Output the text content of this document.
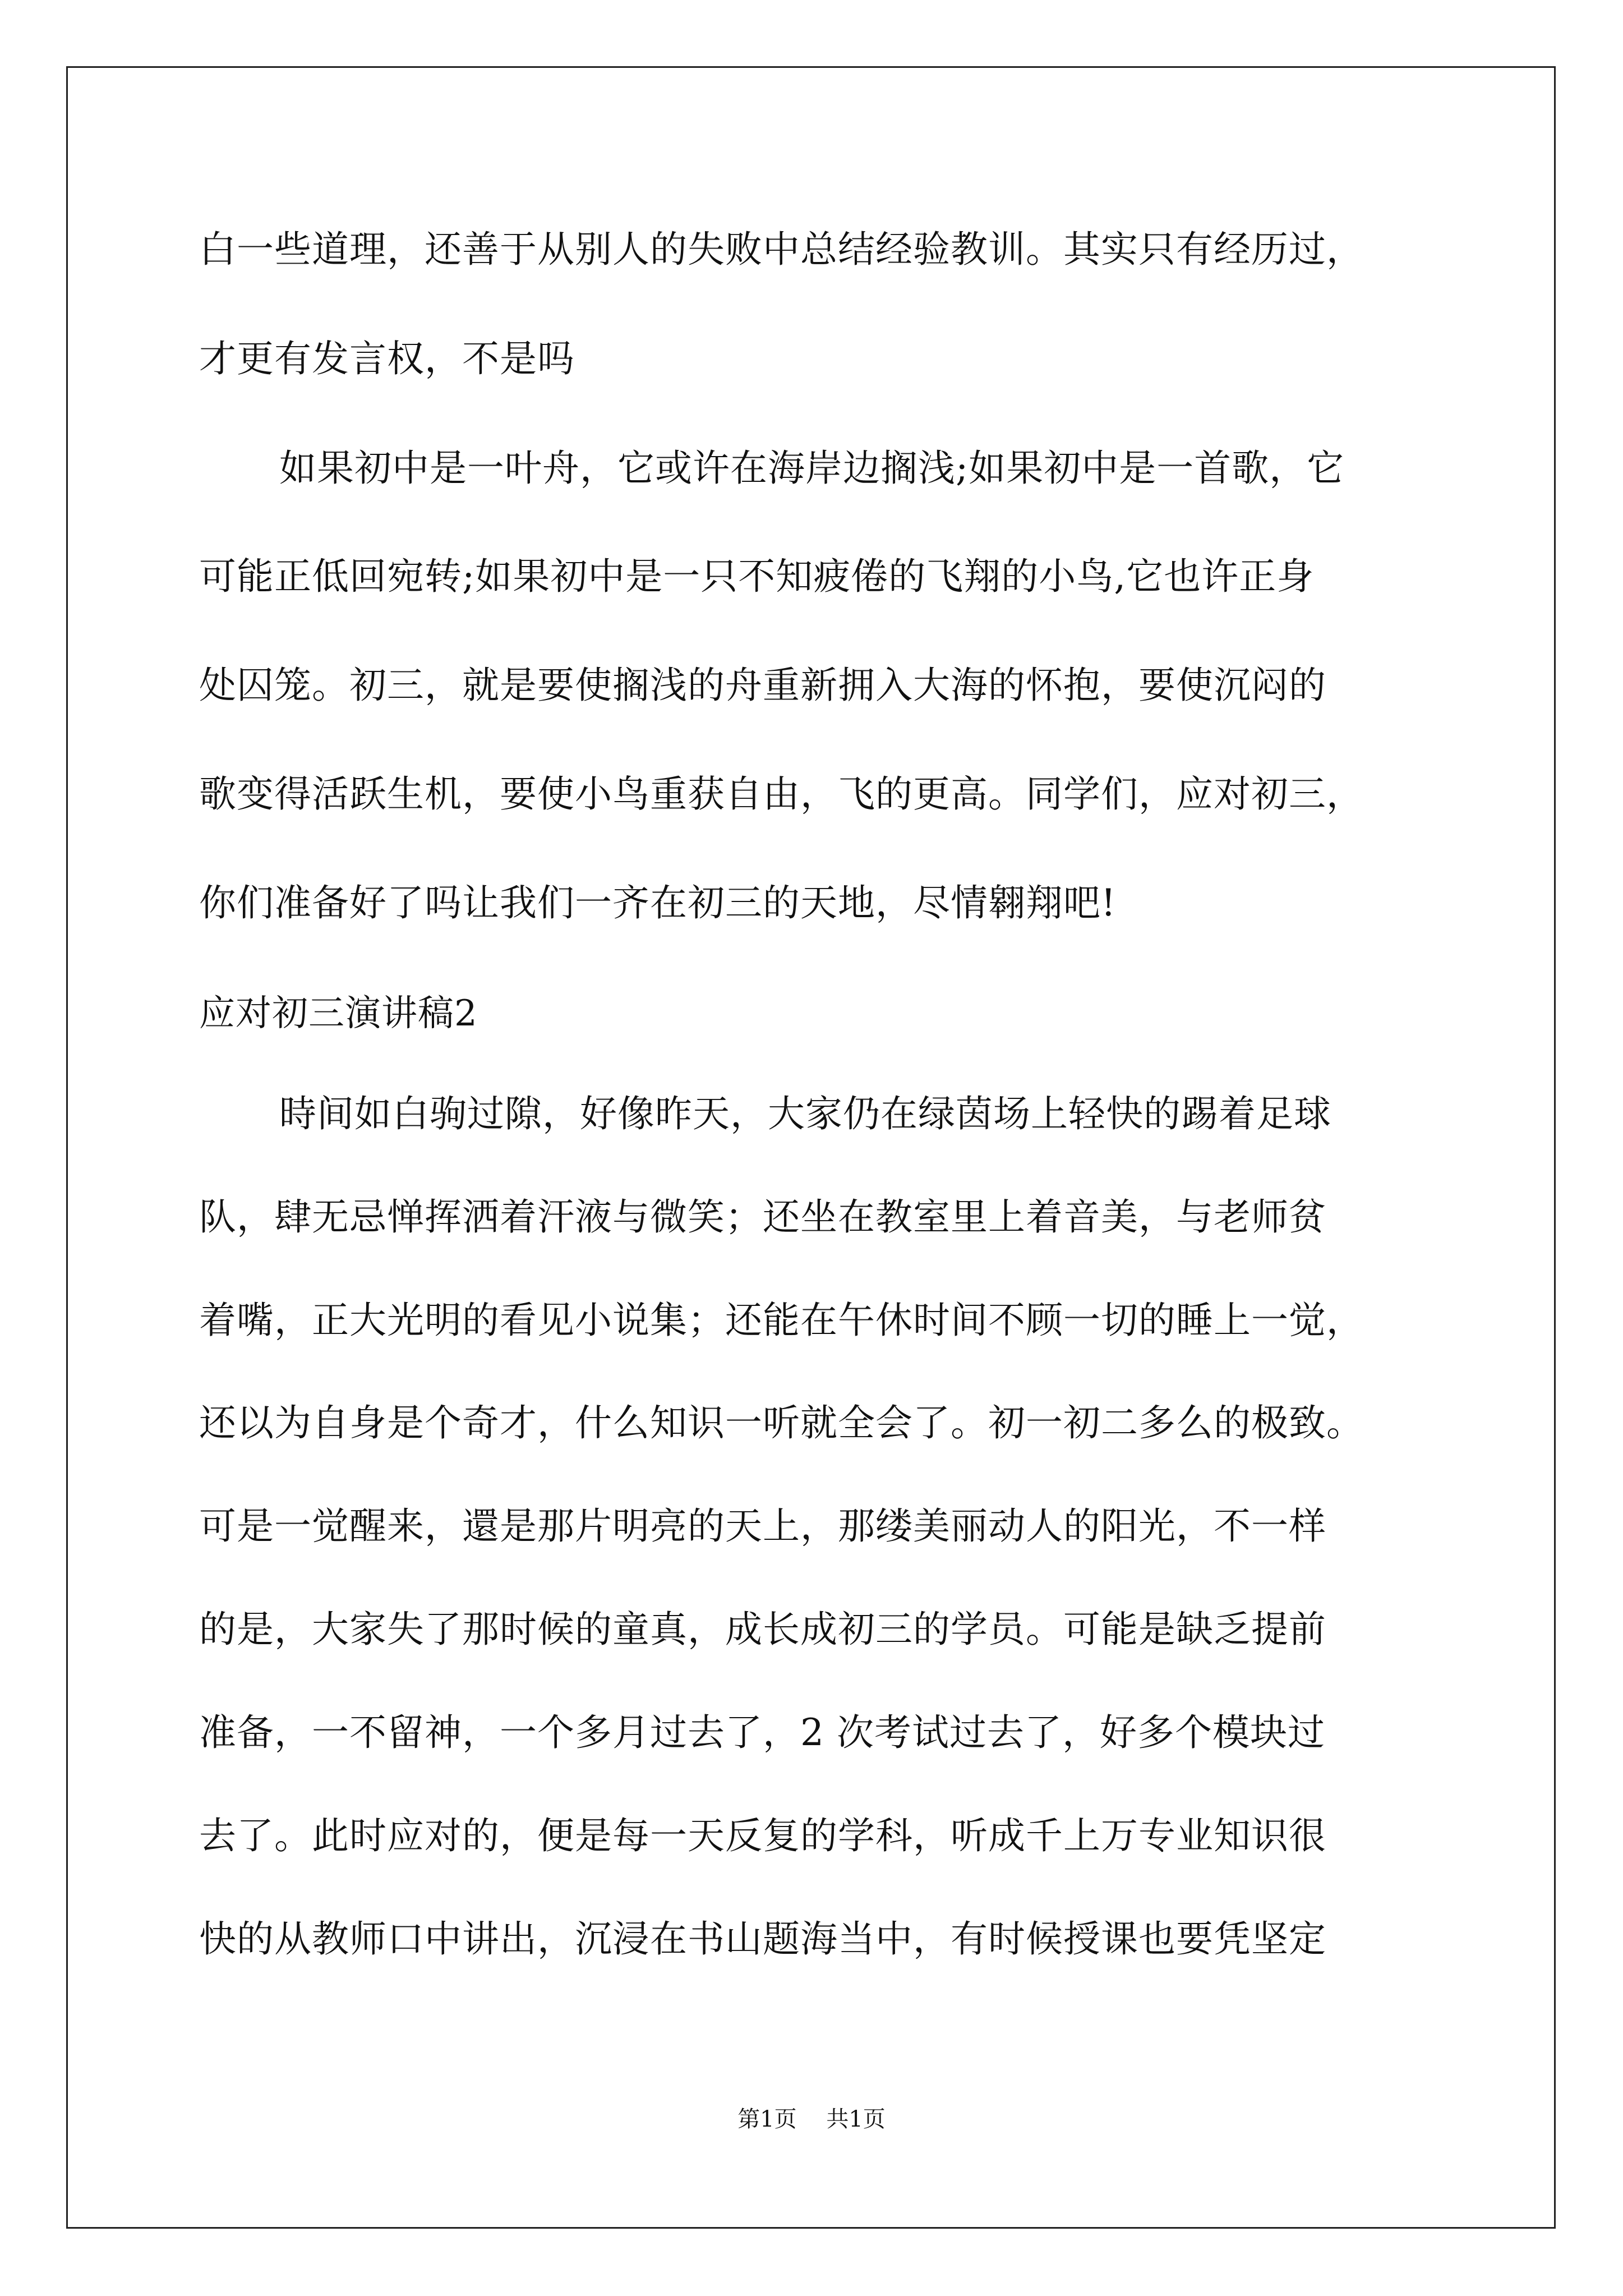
白一些道理，还善于从别人的失败中总结经验教训。其实只有经历过，
才更有发言权，不是吗
如果初中是一叶舟，它或许在海岸边搁浅;如果初中是一首歌，它
可能正低回宛转;如果初中是一只不知疲倦的飞翔的小鸟,它也许正身
处囚笼。初三，就是要使搁浅的舟重新拥入大海的怀抱，要使沉闷的
歌变得活跃生机，要使小鸟重获自由，飞的更高。同学们，应对初三，
你们准备好了吗让我们一齐在初三的天地，尽情翱翔吧!
应对初三演讲稿2
時间如白驹过隙，好像昨天，大家仍在绿茵场上轻快的踢着足球
队，肆无忌惮挥洒着汗液与微笑；还坐在教室里上着音美，与老师贫
着嘴，正大光明的看见小说集；还能在午休时间不顾一切的睡上一觉，
还以为自身是个奇才，什么知识一听就全会了。初一初二多么的极致。
可是一觉醒来，還是那片明亮的天上，那缕美丽动人的阳光，不一样
的是，大家失了那时候的童真，成长成初三的学员。可能是缺乏提前
准备，一不留神，一个多月过去了，2 次考试过去了，好多个模块过
去了。此时应对的，便是每一天反复的学科，听成千上万专业知识很
快的从教师口中讲出，沉浸在书山题海当中，有时候授课也要凭坚定
第1页 共1页
